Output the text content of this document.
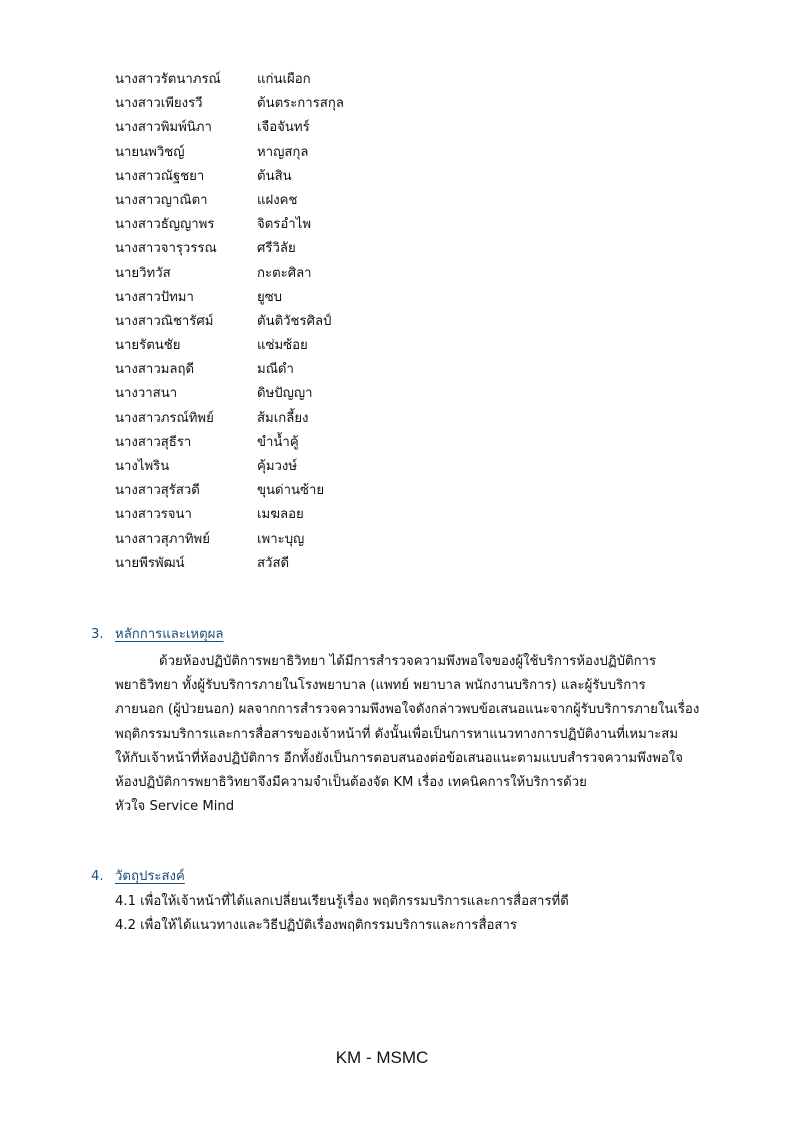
นางสาวรัตนาภรณ์	แก่นเผือก
นางสาวเพียงรวี	ต้นตระการสกุล
นางสาวพิมพ์นิภา	เจือจันทร์
นายนพวิชญ์	หาญสกุล
นางสาวณัฐชยา	ต้นสิน
นางสาวญาณิตา	แฝงคช
นางสาวธัญญาพร	จิตรอำไพ
นางสาวจารุวรรณ	ศรีวิลัย
นายวิทวัส	กะตะศิลา
นางสาวปัทมา	ยูซบ
นางสาวณิชารัศม์	ตันติวัชรศิลป์
นายรัตนชัย	แซ่มซ้อย
นางสาวมลฤดี	มณีดำ
นางวาสนา	ดิษปัญญา
นางสาวภรณ์ทิพย์	ส้มเกลี้ยง
นางสาวสุธีรา	ขำน้ำคู้
นางไพริน	คุ้มวงษ์
นางสาวสุรัสวดี	ขุนด่านซ้าย
นางสาวรจนา	เมฆลอย
นางสาวสุภาทิพย์	เพาะบุญ
นายพีรพัฒน์	สวัสดี
3. หลักการและเหตุผล
ด้วยห้องปฏิบัติการพยาธิวิทยา ได้มีการสำรวจความพึงพอใจของผู้ใช้บริการห้องปฏิบัติการ
พยาธิวิทยา ทั้งผู้รับบริการภายในโรงพยาบาล (แพทย์ พยาบาล พนักงานบริการ) และผู้รับบริการ
ภายนอก (ผู้ป่วยนอก) ผลจากการสำรวจความพึงพอใจดังกล่าวพบข้อเสนอแนะจากผู้รับบริการภายในเรื่อง
พฤติกรรมบริการและการสื่อสารของเจ้าหน้าที่ ดังนั้นเพื่อเป็นการหาแนวทางการปฏิบัติงานที่เหมาะสม
ให้กับเจ้าหน้าที่ห้องปฏิบัติการ อีกทั้งยังเป็นการตอบสนองต่อข้อเสนอแนะตามแบบสำรวจความพึงพอใจ
ห้องปฏิบัติการพยาธิวิทยาจึงมีความจำเป็นต้องจัด KM เรื่อง เทคนิคการให้บริการด้วย
หัวใจ Service Mind
4. วัตถุประสงค์
4.1 เพื่อให้เจ้าหน้าที่ได้แลกเปลี่ยนเรียนรู้เรื่อง พฤติกรรมบริการและการสื่อสารที่ดี
4.2 เพื่อให้ได้แนวทางและวิธีปฏิบัติเรื่องพฤติกรรมบริการและการสื่อสาร
KM - MSMC
